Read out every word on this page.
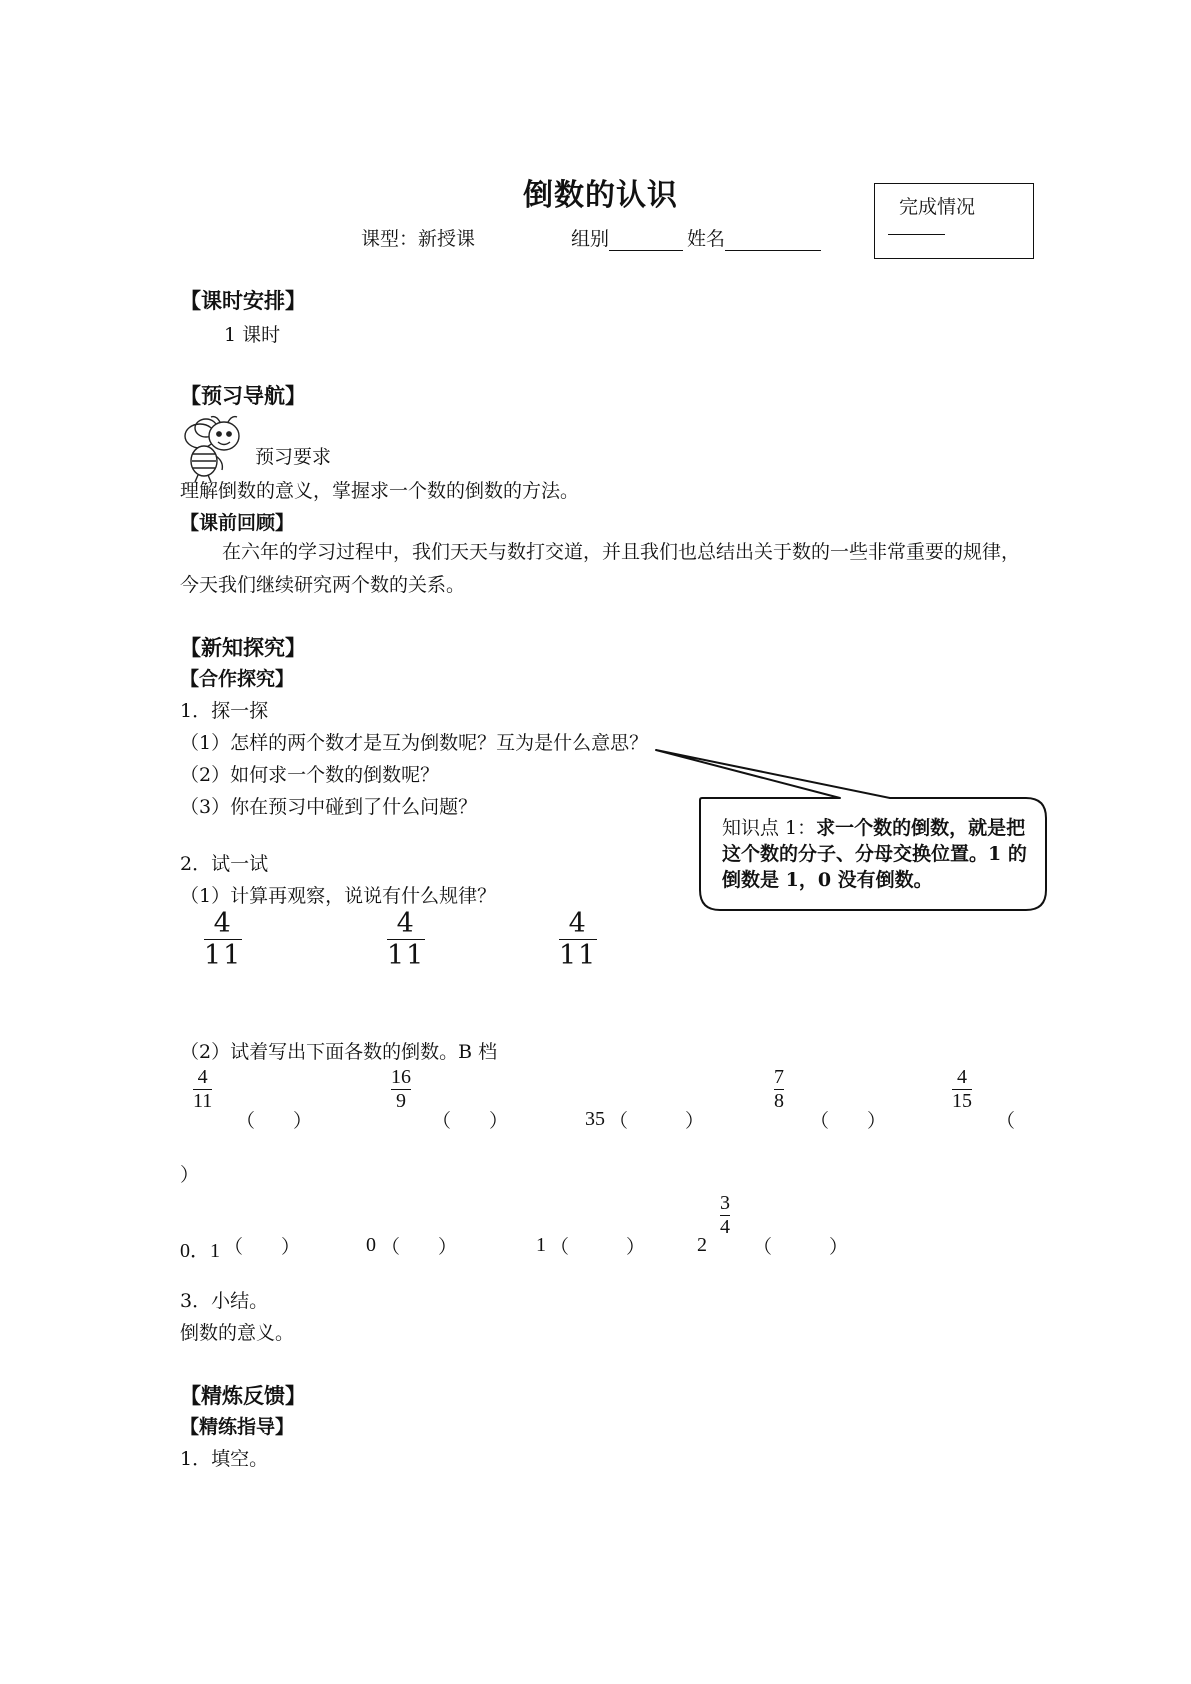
倒数的认识
课型：新授课	组别	姓名
完成情况
【课时安排】
1 课时
【预习导航】
预习要求
理解倒数的意义，掌握求一个数的倒数的方法。
【课前回顾】
在六年的学习过程中，我们天天与数打交道，并且我们也总结出关于数的一些非常重要的规律，今天我们继续研究两个数的关系。
【新知探究】
【合作探究】
1．探一探
（1）怎样的两个数才是互为倒数呢？互为是什么意思？
（2）如何求一个数的倒数呢？
（3）你在预习中碰到了什么问题？
知识点 1：求一个数的倒数，就是把这个数的分子、分母交换位置。1 的倒数是 1，0 没有倒数。
2．试一试
（1）计算再观察，说说有什么规律？
4
11
4
11
4
11
（2）试着写出下面各数的倒数。B 档
4
11
（　　）
16
9
（　　）	35 （　　　）
7
8
（　　）
4
15
（
）
0．1 （　　）	0 （　　）	1 （　　　）	2
3
4
（　　　）
3．小结。
倒数的意义。
【精炼反馈】
【精练指导】
1．填空。
